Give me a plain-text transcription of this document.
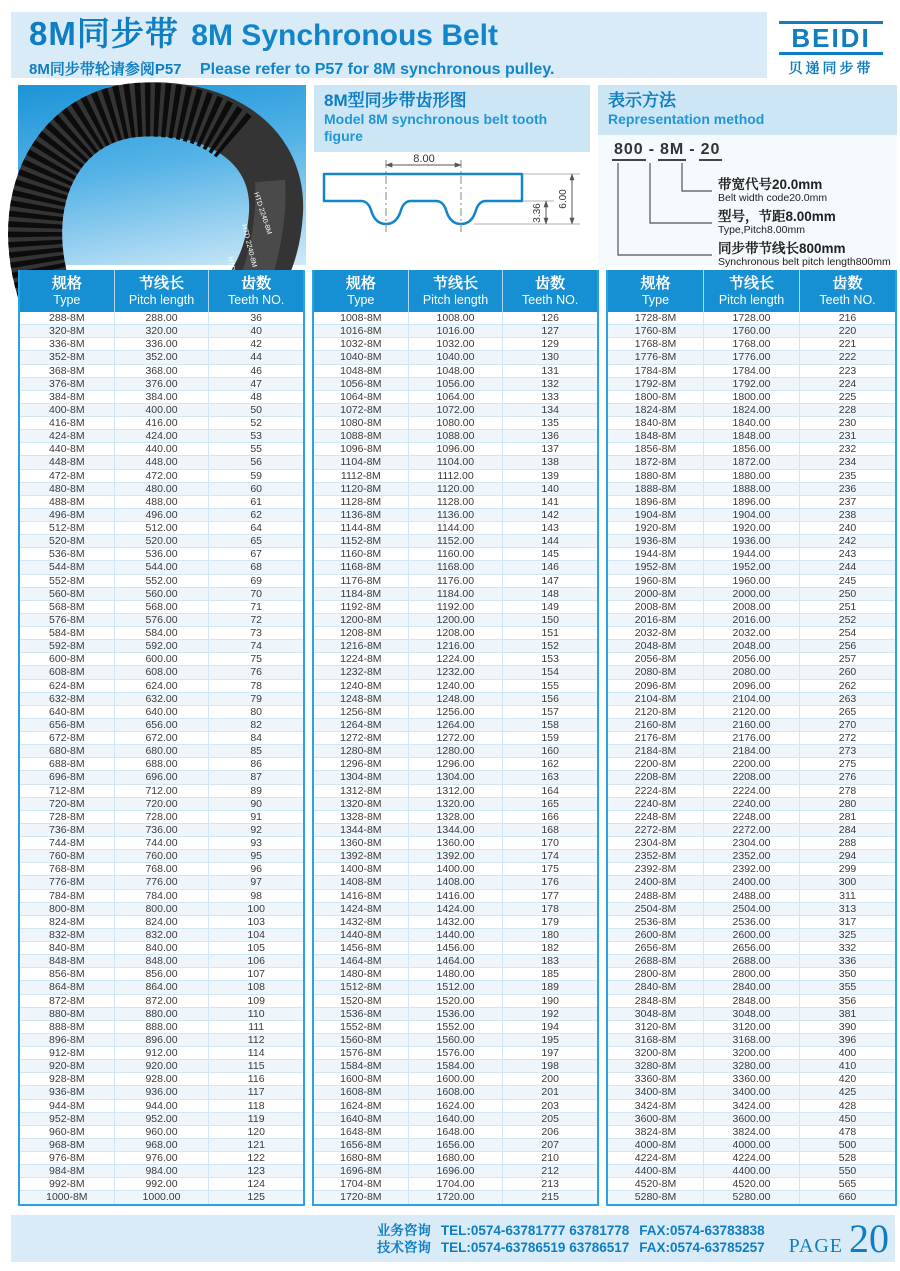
8M同步带 8M Synchronous Belt
8M同步带轮请参阅P57 Please refer to P57 for 8M synchronous pulley.
BEIDI
贝递同步带
HTD 2240-8M
HTD 2240-8M
8M型同步带齿形图
Model 8M synchronous belt tooth figure
8.00
3.36
6.00
表示方法
Representation method
800 - 8M - 20
带宽代号20.0mm
Belt width code20.0mm
型号，节距8.00mm
Type,Pitch8.00mm
同步带节线长800mm
Synchronous belt pitch length800mm
规格
Type
节线长
Pitch length
齿数
Teeth NO.
288-8M	288.00	36
320-8M	320.00	40
336-8M	336.00	42
352-8M	352.00	44
368-8M	368.00	46
376-8M	376.00	47
384-8M	384.00	48
400-8M	400.00	50
416-8M	416.00	52
424-8M	424.00	53
440-8M	440.00	55
448-8M	448.00	56
472-8M	472.00	59
480-8M	480.00	60
488-8M	488.00	61
496-8M	496.00	62
512-8M	512.00	64
520-8M	520.00	65
536-8M	536.00	67
544-8M	544.00	68
552-8M	552.00	69
560-8M	560.00	70
568-8M	568.00	71
576-8M	576.00	72
584-8M	584.00	73
592-8M	592.00	74
600-8M	600.00	75
608-8M	608.00	76
624-8M	624.00	78
632-8M	632.00	79
640-8M	640.00	80
656-8M	656.00	82
672-8M	672.00	84
680-8M	680.00	85
688-8M	688.00	86
696-8M	696.00	87
712-8M	712.00	89
720-8M	720.00	90
728-8M	728.00	91
736-8M	736.00	92
744-8M	744.00	93
760-8M	760.00	95
768-8M	768.00	96
776-8M	776.00	97
784-8M	784.00	98
800-8M	800.00	100
824-8M	824.00	103
832-8M	832.00	104
840-8M	840.00	105
848-8M	848.00	106
856-8M	856.00	107
864-8M	864.00	108
872-8M	872.00	109
880-8M	880.00	110
888-8M	888.00	111
896-8M	896.00	112
912-8M	912.00	114
920-8M	920.00	115
928-8M	928.00	116
936-8M	936.00	117
944-8M	944.00	118
952-8M	952.00	119
960-8M	960.00	120
968-8M	968.00	121
976-8M	976.00	122
984-8M	984.00	123
992-8M	992.00	124
1000-8M	1000.00	125
规格
Type
节线长
Pitch length
齿数
Teeth NO.
1008-8M	1008.00	126
1016-8M	1016.00	127
1032-8M	1032.00	129
1040-8M	1040.00	130
1048-8M	1048.00	131
1056-8M	1056.00	132
1064-8M	1064.00	133
1072-8M	1072.00	134
1080-8M	1080.00	135
1088-8M	1088.00	136
1096-8M	1096.00	137
1104-8M	1104.00	138
1112-8M	1112.00	139
1120-8M	1120.00	140
1128-8M	1128.00	141
1136-8M	1136.00	142
1144-8M	1144.00	143
1152-8M	1152.00	144
1160-8M	1160.00	145
1168-8M	1168.00	146
1176-8M	1176.00	147
1184-8M	1184.00	148
1192-8M	1192.00	149
1200-8M	1200.00	150
1208-8M	1208.00	151
1216-8M	1216.00	152
1224-8M	1224.00	153
1232-8M	1232.00	154
1240-8M	1240.00	155
1248-8M	1248.00	156
1256-8M	1256.00	157
1264-8M	1264.00	158
1272-8M	1272.00	159
1280-8M	1280.00	160
1296-8M	1296.00	162
1304-8M	1304.00	163
1312-8M	1312.00	164
1320-8M	1320.00	165
1328-8M	1328.00	166
1344-8M	1344.00	168
1360-8M	1360.00	170
1392-8M	1392.00	174
1400-8M	1400.00	175
1408-8M	1408.00	176
1416-8M	1416.00	177
1424-8M	1424.00	178
1432-8M	1432.00	179
1440-8M	1440.00	180
1456-8M	1456.00	182
1464-8M	1464.00	183
1480-8M	1480.00	185
1512-8M	1512.00	189
1520-8M	1520.00	190
1536-8M	1536.00	192
1552-8M	1552.00	194
1560-8M	1560.00	195
1576-8M	1576.00	197
1584-8M	1584.00	198
1600-8M	1600.00	200
1608-8M	1608.00	201
1624-8M	1624.00	203
1640-8M	1640.00	205
1648-8M	1648.00	206
1656-8M	1656.00	207
1680-8M	1680.00	210
1696-8M	1696.00	212
1704-8M	1704.00	213
1720-8M	1720.00	215
规格
Type
节线长
Pitch length
齿数
Teeth NO.
1728-8M	1728.00	216
1760-8M	1760.00	220
1768-8M	1768.00	221
1776-8M	1776.00	222
1784-8M	1784.00	223
1792-8M	1792.00	224
1800-8M	1800.00	225
1824-8M	1824.00	228
1840-8M	1840.00	230
1848-8M	1848.00	231
1856-8M	1856.00	232
1872-8M	1872.00	234
1880-8M	1880.00	235
1888-8M	1888.00	236
1896-8M	1896.00	237
1904-8M	1904.00	238
1920-8M	1920.00	240
1936-8M	1936.00	242
1944-8M	1944.00	243
1952-8M	1952.00	244
1960-8M	1960.00	245
2000-8M	2000.00	250
2008-8M	2008.00	251
2016-8M	2016.00	252
2032-8M	2032.00	254
2048-8M	2048.00	256
2056-8M	2056.00	257
2080-8M	2080.00	260
2096-8M	2096.00	262
2104-8M	2104.00	263
2120-8M	2120.00	265
2160-8M	2160.00	270
2176-8M	2176.00	272
2184-8M	2184.00	273
2200-8M	2200.00	275
2208-8M	2208.00	276
2224-8M	2224.00	278
2240-8M	2240.00	280
2248-8M	2248.00	281
2272-8M	2272.00	284
2304-8M	2304.00	288
2352-8M	2352.00	294
2392-8M	2392.00	299
2400-8M	2400.00	300
2488-8M	2488.00	311
2504-8M	2504.00	313
2536-8M	2536.00	317
2600-8M	2600.00	325
2656-8M	2656.00	332
2688-8M	2688.00	336
2800-8M	2800.00	350
2840-8M	2840.00	355
2848-8M	2848.00	356
3048-8M	3048.00	381
3120-8M	3120.00	390
3168-8M	3168.00	396
3200-8M	3200.00	400
3280-8M	3280.00	410
3360-8M	3360.00	420
3400-8M	3400.00	425
3424-8M	3424.00	428
3600-8M	3600.00	450
3824-8M	3824.00	478
4000-8M	4000.00	500
4224-8M	4224.00	528
4400-8M	4400.00	550
4520-8M	4520.00	565
5280-8M	5280.00	660
业务咨询 TEL:0574-63781777 63781778 FAX:0574-63783838
技术咨询 TEL:0574-63786519 63786517 FAX:0574-63785257	PAGE 20
